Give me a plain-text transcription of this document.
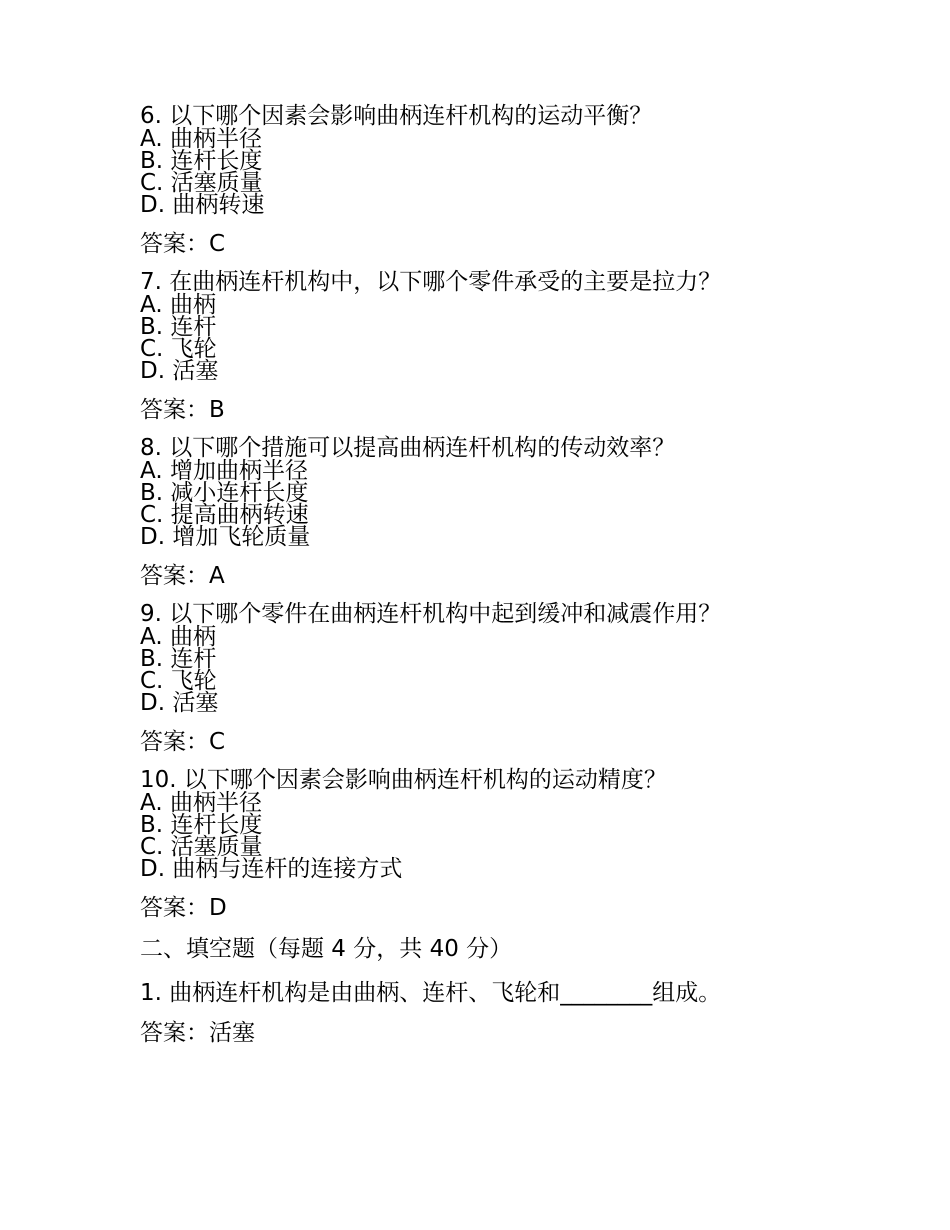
6. 以下哪个因素会影响曲柄连杆机构的运动平衡？
A. 曲柄半径
B. 连杆长度
C. 活塞质量
D. 曲柄转速
答案：C
7. 在曲柄连杆机构中，以下哪个零件承受的主要是拉力？
A. 曲柄
B. 连杆
C. 飞轮
D. 活塞
答案：B
8. 以下哪个措施可以提高曲柄连杆机构的传动效率？
A. 增加曲柄半径
B. 减小连杆长度
C. 提高曲柄转速
D. 增加飞轮质量
答案：A
9. 以下哪个零件在曲柄连杆机构中起到缓冲和减震作用？
A. 曲柄
B. 连杆
C. 飞轮
D. 活塞
答案：C
10. 以下哪个因素会影响曲柄连杆机构的运动精度？
A. 曲柄半径
B. 连杆长度
C. 活塞质量
D. 曲柄与连杆的连接方式
答案：D
二、填空题（每题 4 分，共 40 分）
1. 曲柄连杆机构是由曲柄、连杆、飞轮和________组成。
答案：活塞
